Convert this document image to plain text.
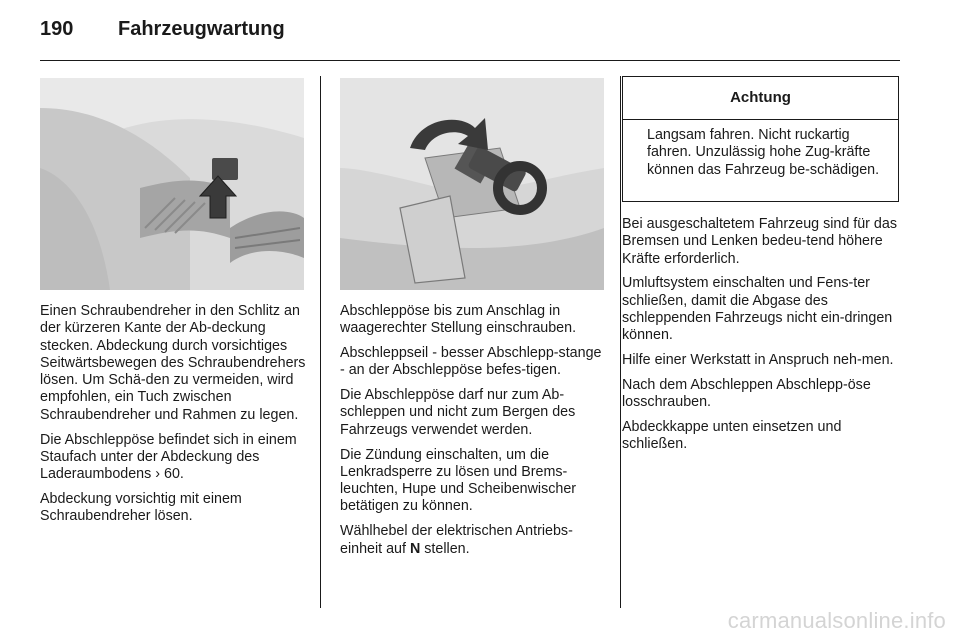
190 Fahrzeugwartung

Einen Schraubendreher in den Schlitz an der kürzeren Kante der Ab-deckung stecken. Abdeckung durch vorsichtiges Seitwärtsbewegen des Schraubendrehers lösen. Um Schä-den zu vermeiden, wird empfohlen, ein Tuch zwischen Schraubendreher und Rahmen zu legen.

Die Abschleppöse befindet sich in einem Staufach unter der Abdeckung des Laderaumbodens › 60.

Abdeckung vorsichtig mit einem Schraubendreher lösen.

Abschleppöse bis zum Anschlag in waagerechter Stellung einschrauben.

Abschleppseil - besser Abschlepp-stange - an der Abschleppöse befes-tigen.

Die Abschleppöse darf nur zum Ab-schleppen und nicht zum Bergen des Fahrzeugs verwendet werden.

Die Zündung einschalten, um die Lenkradsperre zu lösen und Brems-leuchten, Hupe und Scheibenwischer betätigen zu können.

Wählhebel der elektrischen Antriebs-einheit auf N stellen.

Achtung
Langsam fahren. Nicht ruckartig fahren. Unzulässig hohe Zug-kräfte können das Fahrzeug be-schädigen.

Bei ausgeschaltetem Fahrzeug sind für das Bremsen und Lenken bedeu-tend höhere Kräfte erforderlich.

Umluftsystem einschalten und Fens-ter schließen, damit die Abgase des schleppenden Fahrzeugs nicht ein-dringen können.

Hilfe einer Werkstatt in Anspruch neh-men.

Nach dem Abschleppen Abschlepp-öse losschrauben.

Abdeckkappe unten einsetzen und schließen.

carmanualsonline.info
